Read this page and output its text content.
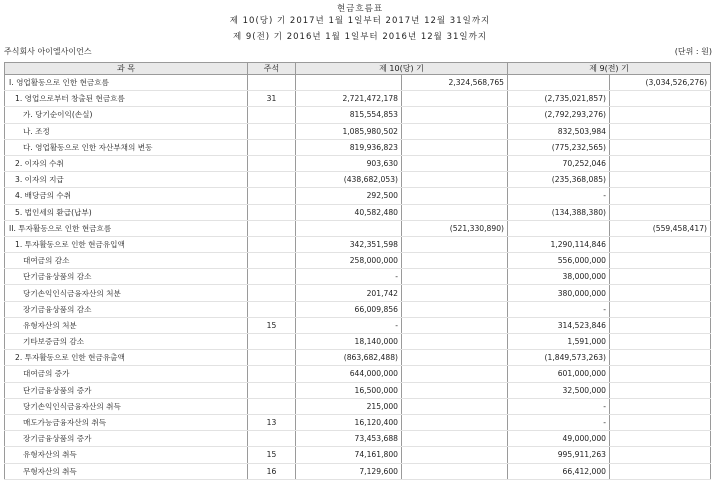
현금흐름표
제 10(당) 기 2017년 1월 1일부터 2017년 12월 31일까지
제 9(전) 기 2016년 1월 1일부터 2016년 12월 31일까지
주식회사 아이엘사이언스	(단위 : 원)
과 목	주석	제 10(당) 기		제 9(전) 기	
I. 영업활동으로 인한 현금흐름			2,324,568,765		(3,034,526,276)
1. 영업으로부터 창출된 현금흐름	31	2,721,472,178		(2,735,021,857)	
가. 당기순이익(손실)		815,554,853		(2,792,293,276)	
나. 조정		1,085,980,502		832,503,984	
다. 영업활동으로 인한 자산부채의 변동		819,936,823		(775,232,565)	
2. 이자의 수취		903,630		70,252,046	
3. 이자의 지급		(438,682,053)		(235,368,085)	
4. 배당금의 수취		292,500		-	
5. 법인세의 환급(납부)		40,582,480		(134,388,380)	
II. 투자활동으로 인한 현금흐름			(521,330,890)		(559,458,417)
1. 투자활동으로 인한 현금유입액		342,351,598		1,290,114,846	
대여금의 감소		258,000,000		556,000,000	
단기금융상품의 감소		-		38,000,000	
당기손익인식금융자산의 처분		201,742		380,000,000	
장기금융상품의 감소		66,009,856		-	
유형자산의 처분	15	-		314,523,846	
기타보증금의 감소		18,140,000		1,591,000	
2. 투자활동으로 인한 현금유출액		(863,682,488)		(1,849,573,263)	
대여금의 증가		644,000,000		601,000,000	
단기금융상품의 증가		16,500,000		32,500,000	
당기손익인식금융자산의 취득		215,000		-	
매도가능금융자산의 취득	13	16,120,400		-	
장기금융상품의 증가		73,453,688		49,000,000	
유형자산의 취득	15	74,161,800		995,911,263	
무형자산의 취득	16	7,129,600		66,412,000	
